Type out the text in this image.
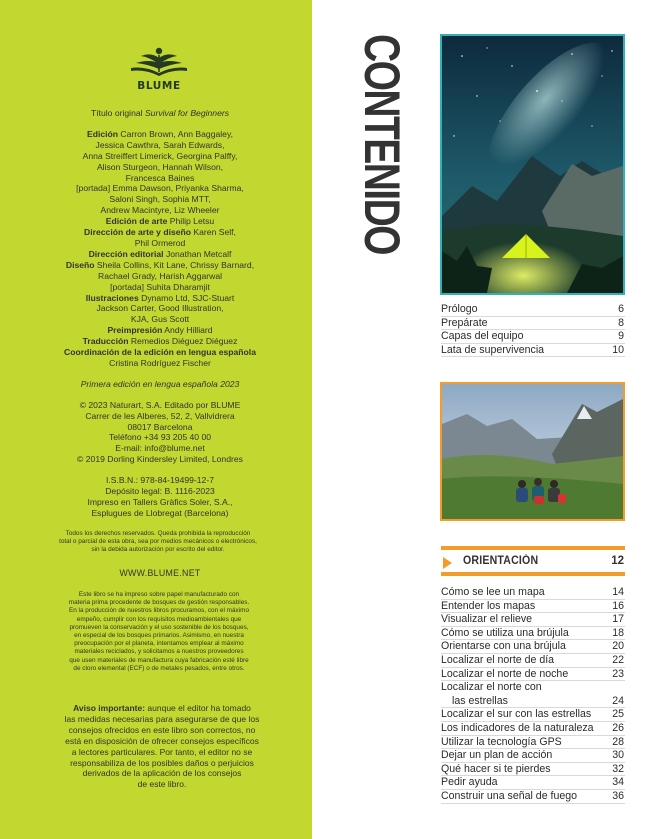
BLUME
Título original Survival for Beginners
Edición Carron Brown, Ann Baggaley,
Jessica Cawthra, Sarah Edwards,
Anna Streiffert Limerick, Georgina Palffy,
Alison Sturgeon, Hannah Wilson,
Francesca Baines
[portada] Emma Dawson, Priyanka Sharma,
Saloni Singh, Sophia MTT,
Andrew Macintyre, Liz Wheeler
Edición de arte Philip Letsu
Dirección de arte y diseño Karen Self,
Phil Ormerod
Dirección editorial Jonathan Metcalf
Diseño Sheila Collins, Kit Lane, Chrissy Barnard,
Rachael Grady, Harish Aggarwal
[portada] Suhita Dharamjit
Ilustraciones Dynamo Ltd, SJC-Stuart
Jackson Carter, Good Illustration,
KJA, Gus Scott
Preimpresión Andy Hilliard
Traducción Remedios Diéguez Diéguez
Coordinación de la edición en lengua española
Cristina Rodríguez Fischer
Primera edición en lengua española 2023
© 2023 Naturart, S.A. Editado por BLUME
Carrer de les Alberes, 52, 2, Vallvidrera
08017 Barcelona
Teléfono +34 93 205 40 00
E-mail: info@blume.net
© 2019 Dorling Kindersley Limited, Londres
I.S.B.N.: 978-84-19499-12-7
Depósito legal: B. 1116-2023
Impreso en Tallers Gràfics Soler, S.A.,
Esplugues de Llobregat (Barcelona)
Todos los derechos reservados. Queda prohibida la reproducción
total o parcial de esta obra, sea por medios mecánicos o electrónicos,
sin la debida autorización por escrito del editor.
WWW.BLUME.NET
Este libro se ha impreso sobre papel manufacturado con
materia prima procedente de bosques de gestión responsables.
En la producción de nuestros libros procuramos, con el máximo
empeño, cumplir con los requisitos medioambientales que
promueven la conservación y el uso sostenible de los bosques,
en especial de los bosques primarios. Asimismo, en nuestra
preocupación por el planeta, intentamos emplear al máximo
materiales reciclados, y solicitamos a nuestros proveedores
que usen materiales de manufactura cuya fabricación esté libre
de cloro elemental (ECF) o de metales pesados, entre otros.
Aviso importante: aunque el editor ha tomado
las medidas necesarias para asegurarse de que los
consejos ofrecidos en este libro son correctos, no
está en disposición de ofrecer consejos específicos
a lectores particulares. Por tanto, el editor no se
responsabiliza de los posibles daños o perjuicios
derivados de la aplicación de los consejos
de este libro.
CONTENIDO
Prólogo	6
Prepárate	8
Capas del equipo	9
Lata de supervivencia	10
ORIENTACIÓN	12
Cómo se lee un mapa	14
Entender los mapas	16
Visualizar el relieve	17
Cómo se utiliza una brújula	18
Orientarse con una brújula	20
Localizar el norte de día	22
Localizar el norte de noche	23
Localizar el norte con
las estrellas	24
Localizar el sur con las estrellas	25
Los indicadores de la naturaleza	26
Utilizar la tecnología GPS	28
Dejar un plan de acción	30
Qué hacer si te pierdes	32
Pedir ayuda	34
Construir una señal de fuego	36
